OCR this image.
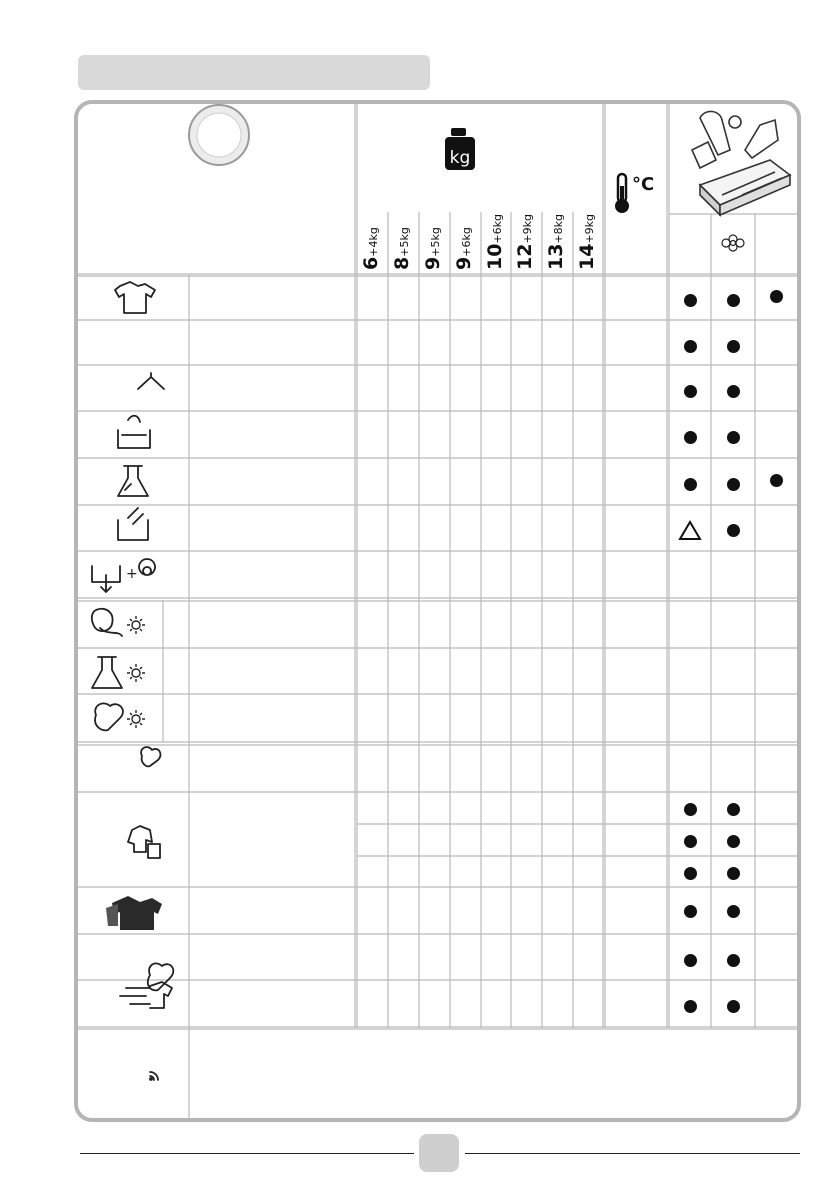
kg
°C
+
6+4kg
8+5kg
9+5kg
9+6kg
10+6kg
12+9kg
13+8kg
14+9kg
